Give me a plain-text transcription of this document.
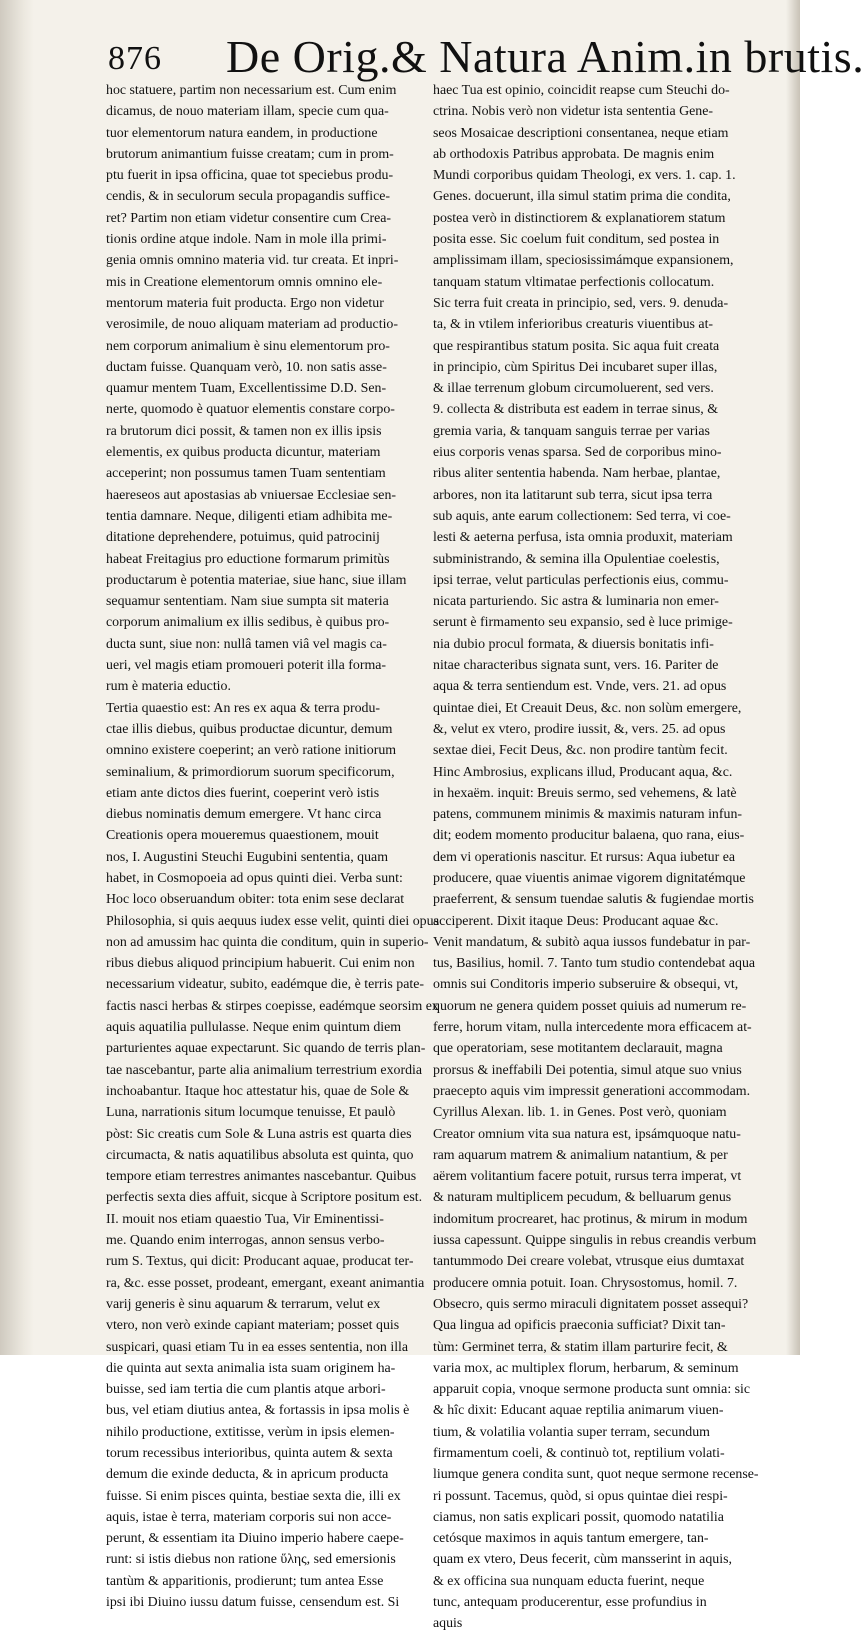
876 De Orig.& Natura Anim.in brutis.
hoc statuere, partim non necessarium est. Cum enim
dicamus, de nouo materiam illam, specie cum qua-
tuor elementorum natura eandem, in productione
brutorum animantium fuisse creatam; cum in prom-
ptu fuerit in ipsa officina, quae tot speciebus produ-
cendis, & in seculorum secula propagandis suffice-
ret? Partim non etiam videtur consentire cum Crea-
tionis ordine atque indole. Nam in mole illa primi-
genia omnis omnino materia vid. tur creata. Et inpri-
mis in Creatione elementorum omnis omnino ele-
mentorum materia fuit producta. Ergo non videtur
verosimile, de nouo aliquam materiam ad productio-
nem corporum animalium è sinu elementorum pro-
ductam fuisse. Quanquam verò, 10. non satis asse-
quamur mentem Tuam, Excellentissime D.D. Sen-
nerte, quomodo è quatuor elementis constare corpo-
ra brutorum dici possit, & tamen non ex illis ipsis
elementis, ex quibus producta dicuntur, materiam
acceperint; non possumus tamen Tuam sententiam
haereseos aut apostasias ab vniuersae Ecclesiae sen-
tentia damnare. Neque, diligenti etiam adhibita me-
ditatione deprehendere, potuimus, quid patrocinij
habeat Freitagius pro eductione formarum primitùs
productarum è potentia materiae, siue hanc, siue illam
sequamur sententiam. Nam siue sumpta sit materia
corporum animalium ex illis sedibus, è quibus pro-
ducta sunt, siue non: nullâ tamen viâ vel magis ca-
ueri, vel magis etiam promoueri poterit illa forma-
rum è materia eductio.
Tertia quaestio est: An res ex aqua & terra produ-
ctae illis diebus, quibus productae dicuntur, demum
omnino existere coeperint; an verò ratione initiorum
seminalium, & primordiorum suorum specificorum,
etiam ante dictos dies fuerint, coeperint verò istis
diebus nominatis demum emergere. Vt hanc circa
Creationis opera moueremus quaestionem, mouit
nos, I. Augustini Steuchi Eugubini sententia, quam
habet, in Cosmopoeia ad opus quinti diei. Verba sunt:
Hoc loco obseruandum obiter: tota enim sese declarat
Philosophia, si quis aequus iudex esse velit, quinti diei opus
non ad amussim hac quinta die conditum, quin in superio-
ribus diebus aliquod principium habuerit. Cui enim non
necessarium videatur, subito, eadémque die, è terris pate-
factis nasci herbas & stirpes coepisse, eadémque seorsim ex
aquis aquatilia pullulasse. Neque enim quintum diem
parturientes aquae expectarunt. Sic quando de terris plan-
tae nascebantur, parte alia animalium terrestrium exordia
inchoabantur. Itaque hoc attestatur his, quae de Sole &
Luna, narrationis situm locumque tenuisse, Et paulò
pòst: Sic creatis cum Sole & Luna astris est quarta dies
circumacta, & natis aquatilibus absoluta est quinta, quo
tempore etiam terrestres animantes nascebantur. Quibus
perfectis sexta dies affuit, sicque à Scriptore positum est.
II. mouit nos etiam quaestio Tua, Vir Eminentissi-
me. Quando enim interrogas, annon sensus verbo-
rum S. Textus, qui dicit: Producant aquae, producat ter-
ra, &c. esse posset, prodeant, emergant, exeant animantia
varij generis è sinu aquarum & terrarum, velut ex
vtero, non verò exinde capiant materiam; posset quis
suspicari, quasi etiam Tu in ea esses sententia, non illa
die quinta aut sexta animalia ista suam originem ha-
buisse, sed iam tertia die cum plantis atque arbori-
bus, vel etiam diutius antea, & fortassis in ipsa molis è
nihilo productione, extitisse, verùm in ipsis elemen-
torum recessibus interioribus, quinta autem & sexta
demum die exinde deducta, & in apricum producta
fuisse. Si enim pisces quinta, bestiae sexta die, illi ex
aquis, istae è terra, materiam corporis sui non acce-
perunt, & essentiam ita Diuino imperio habere caepe-
runt: si istis diebus non ratione ὕλης, sed emersionis
tantùm & apparitionis, prodierunt; tum antea Esse
ipsi ibi Diuino iussu datum fuisse, censendum est. Si
haec Tua est opinio, coincidit reapse cum Steuchi do-
ctrina. Nobis verò non videtur ista sententia Gene-
seos Mosaicae descriptioni consentanea, neque etiam
ab orthodoxis Patribus approbata. De magnis enim
Mundi corporibus quidam Theologi, ex vers. 1. cap. 1.
Genes. docuerunt, illa simul statim prima die condita,
postea verò in distinctiorem & explanatiorem statum
posita esse. Sic coelum fuit conditum, sed postea in
amplissimam illam, speciosissimámque expansionem,
tanquam statum vltimatae perfectionis collocatum.
Sic terra fuit creata in principio, sed, vers. 9. denuda-
ta, & in vtilem inferioribus creaturis viuentibus at-
que respirantibus statum posita. Sic aqua fuit creata
in principio, cùm Spiritus Dei incubaret super illas,
& illae terrenum globum circumoluerent, sed vers.
9. collecta & distributa est eadem in terrae sinus, &
gremia varia, & tanquam sanguis terrae per varias
eius corporis venas sparsa. Sed de corporibus mino-
ribus aliter sententia habenda. Nam herbae, plantae,
arbores, non ita latitarunt sub terra, sicut ipsa terra
sub aquis, ante earum collectionem: Sed terra, vi coe-
lesti & aeterna perfusa, ista omnia produxit, materiam
subministrando, & semina illa Opulentiae coelestis,
ipsi terrae, velut particulas perfectionis eius, commu-
nicata parturiendo. Sic astra & luminaria non emer-
serunt è firmamento seu expansio, sed è luce primige-
nia dubio procul formata, & diuersis bonitatis infi-
nitae characteribus signata sunt, vers. 16. Pariter de
aqua & terra sentiendum est. Vnde, vers. 21. ad opus
quintae diei, Et Creauit Deus, &c. non solùm emergere,
&, velut ex vtero, prodire iussit, &, vers. 25. ad opus
sextae diei, Fecit Deus, &c. non prodire tantùm fecit.
Hinc Ambrosius, explicans illud, Producant aqua, &c.
in hexaëm. inquit: Breuis sermo, sed vehemens, & latè
patens, communem minimis & maximis naturam infun-
dit; eodem momento producitur balaena, quo rana, eius-
dem vi operationis nascitur. Et rursus: Aqua iubetur ea
producere, quae viuentis animae vigorem dignitatémque
praeferrent, & sensum tuendae salutis & fugiendae mortis
acciperent. Dixit itaque Deus: Producant aquae &c.
Venit mandatum, & subitò aqua iussos fundebatur in par-
tus, Basilius, homil. 7. Tanto tum studio contendebat aqua
omnis sui Conditoris imperio subseruire & obsequi, vt,
quorum ne genera quidem posset quiuis ad numerum re-
ferre, horum vitam, nulla intercedente mora efficacem at-
que operatoriam, sese motitantem declarauit, magna
prorsus & ineffabili Dei potentia, simul atque suo vnius
praecepto aquis vim impressit generationi accommodam.
Cyrillus Alexan. lib. 1. in Genes. Post verò, quoniam
Creator omnium vita sua natura est, ipsámquoque natu-
ram aquarum matrem & animalium natantium, & per
aërem volitantium facere potuit, rursus terra imperat, vt
& naturam multiplicem pecudum, & belluarum genus
indomitum procrearet, hac protinus, & mirum in modum
iussa capessunt. Quippe singulis in rebus creandis verbum
tantummodo Dei creare volebat, vtrusque eius dumtaxat
producere omnia potuit. Ioan. Chrysostomus, homil. 7.
Obsecro, quis sermo miraculi dignitatem posset assequi?
Qua lingua ad opificis praeconia sufficiat? Dixit tan-
tùm: Germinet terra, & statim illam parturire fecit, &
varia mox, ac multiplex florum, herbarum, & seminum
apparuit copia, vnoque sermone producta sunt omnia: sic
& hîc dixit: Educant aquae reptilia animarum viuen-
tium, & volatilia volantia super terram, secundum
firmamentum coeli, & continuò tot, reptilium volati-
liumque genera condita sunt, quot neque sermone recense-
ri possunt. Tacemus, quòd, si opus quintae diei respi-
ciamus, non satis explicari possit, quomodo natatilia
cetósque maximos in aquis tantum emergere, tan-
quam ex vtero, Deus fecerit, cùm mansserint in aquis,
& ex officina sua nunquam educta fuerint, neque
tunc, antequam producerentur, esse profundius in
aquis
